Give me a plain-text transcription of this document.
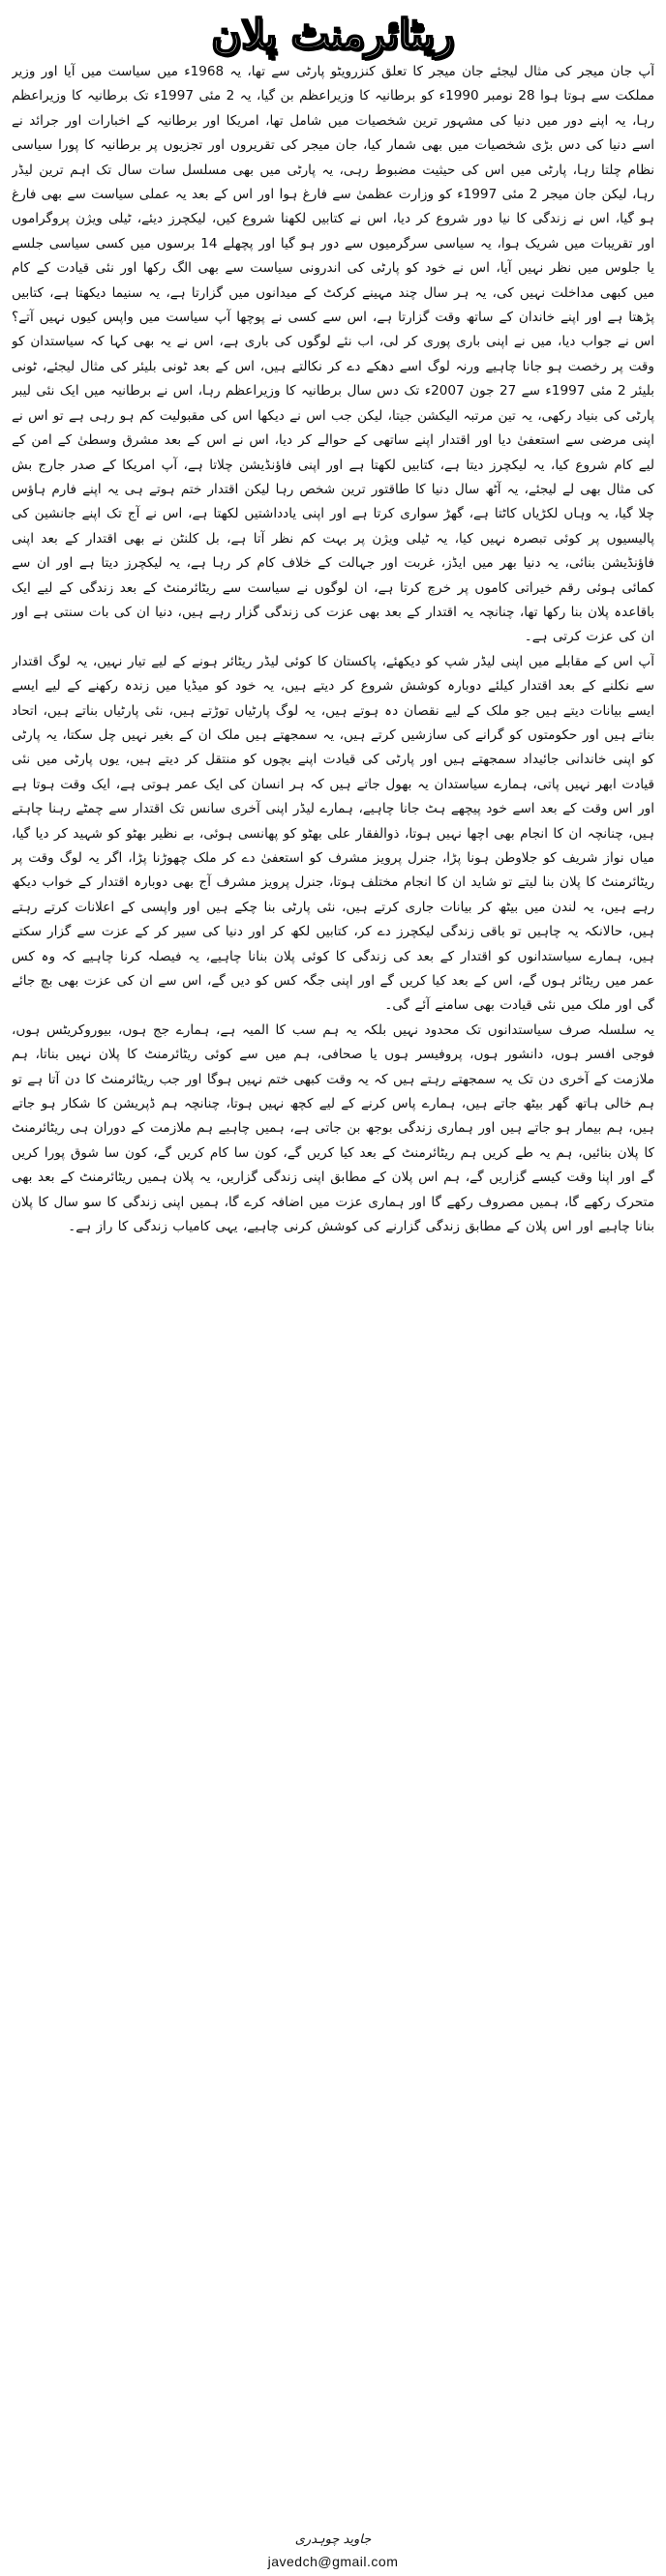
ریٹائرمنٹ پلان

آپ جان میجر کی مثال لیجئے جان میجر کا تعلق کنزرویٹو پارٹی سے تھا، یہ 1968ء میں سیاست میں آیا اور وزیر مملکت سے ہوتا ہوا 28 نومبر 1990ء کو برطانیہ کا وزیراعظم بن گیا، یہ 2 مئی 1997ء تک برطانیہ کا وزیراعظم رہا، یہ اپنے دور میں دنیا کی مشہور ترین شخصیات میں شامل تھا، امریکا اور برطانیہ کے اخبارات اور جرائد نے اسے دنیا کی دس بڑی شخصیات میں بھی شمار کیا، جان میجر کی تقریروں اور تجزیوں پر برطانیہ کا پورا سیاسی نظام چلتا رہا، پارٹی میں اس کی حیثیت مضبوط رہی، یہ پارٹی میں بھی مسلسل سات سال تک اہم ترین لیڈر رہا، لیکن جان میجر 2 مئی 1997ء کو وزارت عظمیٰ سے فارغ ہوا اور اس کے بعد یہ عملی سیاست سے بھی فارغ ہو گیا، اس نے زندگی کا نیا دور شروع کر دیا، اس نے کتابیں لکھنا شروع کیں، لیکچرز دیئے، ٹیلی ویژن پروگراموں اور تقریبات میں شریک ہوا، یہ سیاسی سرگرمیوں سے دور ہو گیا اور پچھلے 14 برسوں میں کسی سیاسی جلسے یا جلوس میں نظر نہیں آیا، اس نے خود کو پارٹی کی اندرونی سیاست سے بھی الگ رکھا اور نئی قیادت کے کام میں کبھی مداخلت نہیں کی، یہ ہر سال چند مہینے کرکٹ کے میدانوں میں گزارتا ہے، یہ سنیما دیکھتا ہے، کتابیں پڑھتا ہے اور اپنے خاندان کے ساتھ وقت گزارتا ہے، اس سے کسی نے پوچھا آپ سیاست میں واپس کیوں نہیں آتے؟ اس نے جواب دیا، میں نے اپنی باری پوری کر لی، اب نئے لوگوں کی باری ہے، اس نے یہ بھی کہا کہ سیاستدان کو وقت پر رخصت ہو جانا چاہیے ورنہ لوگ اسے دھکے دے کر نکالتے ہیں، اس کے بعد ٹونی بلیئر کی مثال لیجئے، ٹونی بلیئر 2 مئی 1997ء سے 27 جون 2007ء تک دس سال برطانیہ کا وزیراعظم رہا، اس نے برطانیہ میں ایک نئی لیبر پارٹی کی بنیاد رکھی، یہ تین مرتبہ الیکشن جیتا، لیکن جب اس نے دیکھا اس کی مقبولیت کم ہو رہی ہے تو اس نے اپنی مرضی سے استعفیٰ دیا اور اقتدار اپنے ساتھی کے حوالے کر دیا، اس نے اس کے بعد مشرق وسطیٰ کے امن کے لیے کام شروع کیا، یہ لیکچرز دیتا ہے، کتابیں لکھتا ہے اور اپنی فاؤنڈیشن چلاتا ہے، آپ امریکا کے صدر جارج بش کی مثال بھی لے لیجئے، یہ آٹھ سال دنیا کا طاقتور ترین شخص رہا لیکن اقتدار ختم ہوتے ہی یہ اپنے فارم ہاؤس چلا گیا، یہ وہاں لکڑیاں کاٹتا ہے، گھڑ سواری کرتا ہے اور اپنی یادداشتیں لکھتا ہے، اس نے آج تک اپنے جانشین کی پالیسیوں پر کوئی تبصرہ نہیں کیا، یہ ٹیلی ویژن پر بہت کم نظر آتا ہے، بل کلنٹن نے بھی اقتدار کے بعد اپنی فاؤنڈیشن بنائی، یہ دنیا بھر میں ایڈز، غربت اور جہالت کے خلاف کام کر رہا ہے، یہ لیکچرز دیتا ہے اور ان سے کمائی ہوئی رقم خیراتی کاموں پر خرچ کرتا ہے، ان لوگوں نے سیاست سے ریٹائرمنٹ کے بعد زندگی کے لیے ایک باقاعدہ پلان بنا رکھا تھا، چنانچہ یہ اقتدار کے بعد بھی عزت کی زندگی گزار رہے ہیں، دنیا ان کی بات سنتی ہے اور ان کی عزت کرتی ہے۔

آپ اس کے مقابلے میں اپنی لیڈر شپ کو دیکھئے، پاکستان کا کوئی لیڈر ریٹائر ہونے کے لیے تیار نہیں، یہ لوگ اقتدار سے نکلنے کے بعد اقتدار کیلئے دوبارہ کوشش شروع کر دیتے ہیں، یہ خود کو میڈیا میں زندہ رکھنے کے لیے ایسے ایسے بیانات دیتے ہیں جو ملک کے لیے نقصان دہ ہوتے ہیں، یہ لوگ پارٹیاں توڑتے ہیں، نئی پارٹیاں بناتے ہیں، اتحاد بناتے ہیں اور حکومتوں کو گرانے کی سازشیں کرتے ہیں، یہ سمجھتے ہیں ملک ان کے بغیر نہیں چل سکتا، یہ پارٹی کو اپنی خاندانی جائیداد سمجھتے ہیں اور پارٹی کی قیادت اپنے بچوں کو منتقل کر دیتے ہیں، یوں پارٹی میں نئی قیادت ابھر نہیں پاتی، ہمارے سیاستدان یہ بھول جاتے ہیں کہ ہر انسان کی ایک عمر ہوتی ہے، ایک وقت ہوتا ہے اور اس وقت کے بعد اسے خود پیچھے ہٹ جانا چاہیے، ہمارے لیڈر اپنی آخری سانس تک اقتدار سے چمٹے رہنا چاہتے ہیں، چنانچہ ان کا انجام بھی اچھا نہیں ہوتا، ذوالفقار علی بھٹو کو پھانسی ہوئی، بے نظیر بھٹو کو شہید کر دیا گیا، میاں نواز شریف کو جلاوطن ہونا پڑا، جنرل پرویز مشرف کو استعفیٰ دے کر ملک چھوڑنا پڑا، اگر یہ لوگ وقت پر ریٹائرمنٹ کا پلان بنا لیتے تو شاید ان کا انجام مختلف ہوتا، جنرل پرویز مشرف آج بھی دوبارہ اقتدار کے خواب دیکھ رہے ہیں، یہ لندن میں بیٹھ کر بیانات جاری کرتے ہیں، نئی پارٹی بنا چکے ہیں اور واپسی کے اعلانات کرتے رہتے ہیں، حالانکہ یہ چاہیں تو باقی زندگی لیکچرز دے کر، کتابیں لکھ کر اور دنیا کی سیر کر کے عزت سے گزار سکتے ہیں، ہمارے سیاستدانوں کو اقتدار کے بعد کی زندگی کا کوئی پلان بنانا چاہیے، یہ فیصلہ کرنا چاہیے کہ وہ کس عمر میں ریٹائر ہوں گے، اس کے بعد کیا کریں گے اور اپنی جگہ کس کو دیں گے، اس سے ان کی عزت بھی بچ جائے گی اور ملک میں نئی قیادت بھی سامنے آئے گی۔

یہ سلسلہ صرف سیاستدانوں تک محدود نہیں بلکہ یہ ہم سب کا المیہ ہے، ہمارے جج ہوں، بیوروکریٹس ہوں، فوجی افسر ہوں، دانشور ہوں، پروفیسر ہوں یا صحافی، ہم میں سے کوئی ریٹائرمنٹ کا پلان نہیں بناتا، ہم ملازمت کے آخری دن تک یہ سمجھتے رہتے ہیں کہ یہ وقت کبھی ختم نہیں ہوگا اور جب ریٹائرمنٹ کا دن آتا ہے تو ہم خالی ہاتھ گھر بیٹھ جاتے ہیں، ہمارے پاس کرنے کے لیے کچھ نہیں ہوتا، چنانچہ ہم ڈپریشن کا شکار ہو جاتے ہیں، ہم بیمار ہو جاتے ہیں اور ہماری زندگی بوجھ بن جاتی ہے، ہمیں چاہیے ہم ملازمت کے دوران ہی ریٹائرمنٹ کا پلان بنائیں، ہم یہ طے کریں ہم ریٹائرمنٹ کے بعد کیا کریں گے، کون سا کام کریں گے، کون سا شوق پورا کریں گے اور اپنا وقت کیسے گزاریں گے، ہم اس پلان کے مطابق اپنی زندگی گزاریں، یہ پلان ہمیں ریٹائرمنٹ کے بعد بھی متحرک رکھے گا، ہمیں مصروف رکھے گا اور ہماری عزت میں اضافہ کرے گا، ہمیں اپنی زندگی کا سو سال کا پلان بنانا چاہیے اور اس پلان کے مطابق زندگی گزارنے کی کوشش کرنی چاہیے، یہی کامیاب زندگی کا راز ہے۔

جاوید چوہدری
javedch@gmail.com
